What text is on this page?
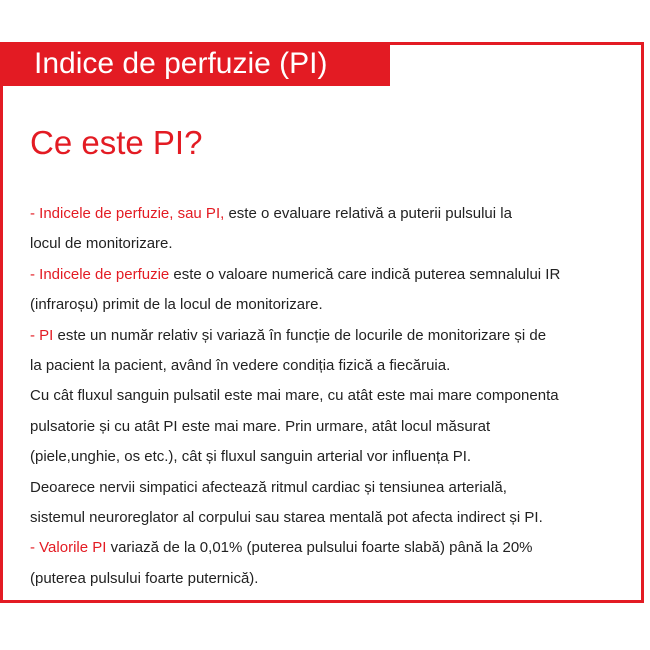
Indice de perfuzie (PI)
Ce este PI?
- Indicele de perfuzie, sau PI, este o evaluare relativă a puterii pulsului la
locul de monitorizare.
- Indicele de perfuzie este o valoare numerică care indică puterea semnalului IR
(infraroșu) primit de la locul de monitorizare.
- PI este un număr relativ și variază în funcție de locurile de monitorizare și de
la pacient la pacient, având în vedere condiția fizică a fiecăruia.
Cu cât fluxul sanguin pulsatil este mai mare, cu atât este mai mare componenta
pulsatorie și cu atât PI este mai mare. Prin urmare, atât locul măsurat
(piele,unghie, os etc.), cât și fluxul sanguin arterial vor influența PI.
Deoarece nervii simpatici afectează ritmul cardiac și tensiunea arterială,
sistemul neuroreglator al corpului sau starea mentală pot afecta indirect și PI.
- Valorile PI variază de la 0,01% (puterea pulsului foarte slabă) până la 20%
(puterea pulsului foarte puternică).
